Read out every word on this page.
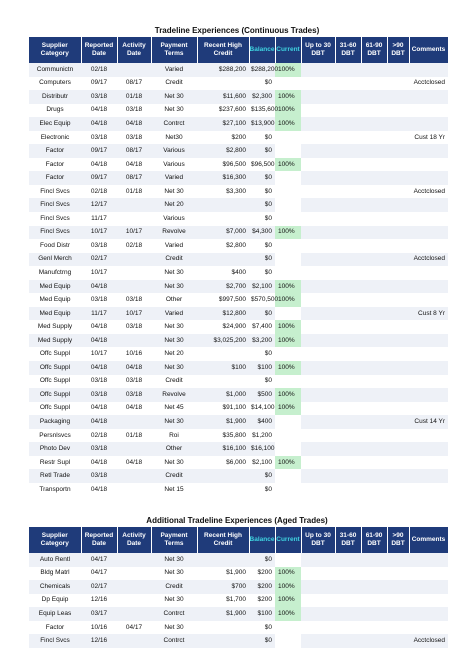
Tradeline Experiences (Continuous Trades)
Supplier Category	Reported Date	Activity Date	Payment Terms	Recent High Credit	Balance	Current	Up to 30 DBT	31-60 DBT	61-90 DBT	>90 DBT	Comments
Communictn	02/18		Varied	$288,200	$288,200	100%					
Computers	09/17	08/17	Credit		$0						Acctclosed
Distributr	03/18	01/18	Net 30	$11,600	$2,300	100%					
Drugs	04/18	03/18	Net 30	$237,600	$135,600	100%					
Elec Equip	04/18	04/18	Contrct	$27,100	$13,900	100%					
Electronic	03/18	03/18	Net30	$200	$0						Cust 18 Yr
Factor	09/17	08/17	Various	$2,800	$0						
Factor	04/18	04/18	Various	$96,500	$96,500	100%					
Factor	09/17	08/17	Varied	$16,300	$0						
Fincl Svcs	02/18	01/18	Net 30	$3,300	$0						Acctclosed
Fincl Svcs	12/17		Net 20		$0						
Fincl Svcs	11/17		Various		$0						
Fincl Svcs	10/17	10/17	Revolve	$7,000	$4,300	100%					
Food Distr	03/18	02/18	Varied	$2,800	$0						
Genl Merch	02/17		Credit		$0						Acctclosed
Manufctrng	10/17		Net 30	$400	$0						
Med Equip	04/18		Net 30	$2,700	$2,100	100%					
Med Equip	03/18	03/18	Other	$997,500	$570,500	100%					
Med Equip	11/17	10/17	Varied	$12,800	$0						Cust 8 Yr
Med Supply	04/18	03/18	Net 30	$24,900	$7,400	100%					
Med Supply	04/18		Net 30	$3,025,200	$3,200	100%					
Offc Suppl	10/17	10/16	Net 20		$0						
Offc Suppl	04/18	04/18	Net 30	$100	$100	100%					
Offc Suppl	03/18	03/18	Credit		$0						
Offc Suppl	03/18	03/18	Revolve	$1,000	$500	100%					
Offc Suppl	04/18	04/18	Net 45	$91,100	$14,100	100%					
Packaging	04/18		Net 30	$1,900	$400						Cust 14 Yr
Persnlsvcs	02/18	01/18	Roi	$35,800	$1,200						
Photo Dev	03/18		Other	$16,100	$16,100						
Restr Supl	04/18	04/18	Net 30	$6,000	$2,100	100%					
Retl Trade	03/18		Credit		$0						
Transportn	04/18		Net 15		$0						
Additional Tradeline Experiences (Aged Trades)
Supplier Category	Reported Date	Activity Date	Payment Terms	Recent High Credit	Balance	Current	Up to 30 DBT	31-60 DBT	61-90 DBT	>90 DBT	Comments
Auto Rentl	04/17		Net 30		$0						
Bldg Matrl	04/17		Net 30	$1,900	$200	100%					
Chemicals	02/17		Credit	$700	$200	100%					
Dp Equip	12/16		Net 30	$1,700	$200	100%					
Equip Leas	03/17		Contrct	$1,900	$100	100%					
Factor	10/16	04/17	Net 30		$0						
Fincl Svcs	12/16		Contrct		$0						Acctclosed
